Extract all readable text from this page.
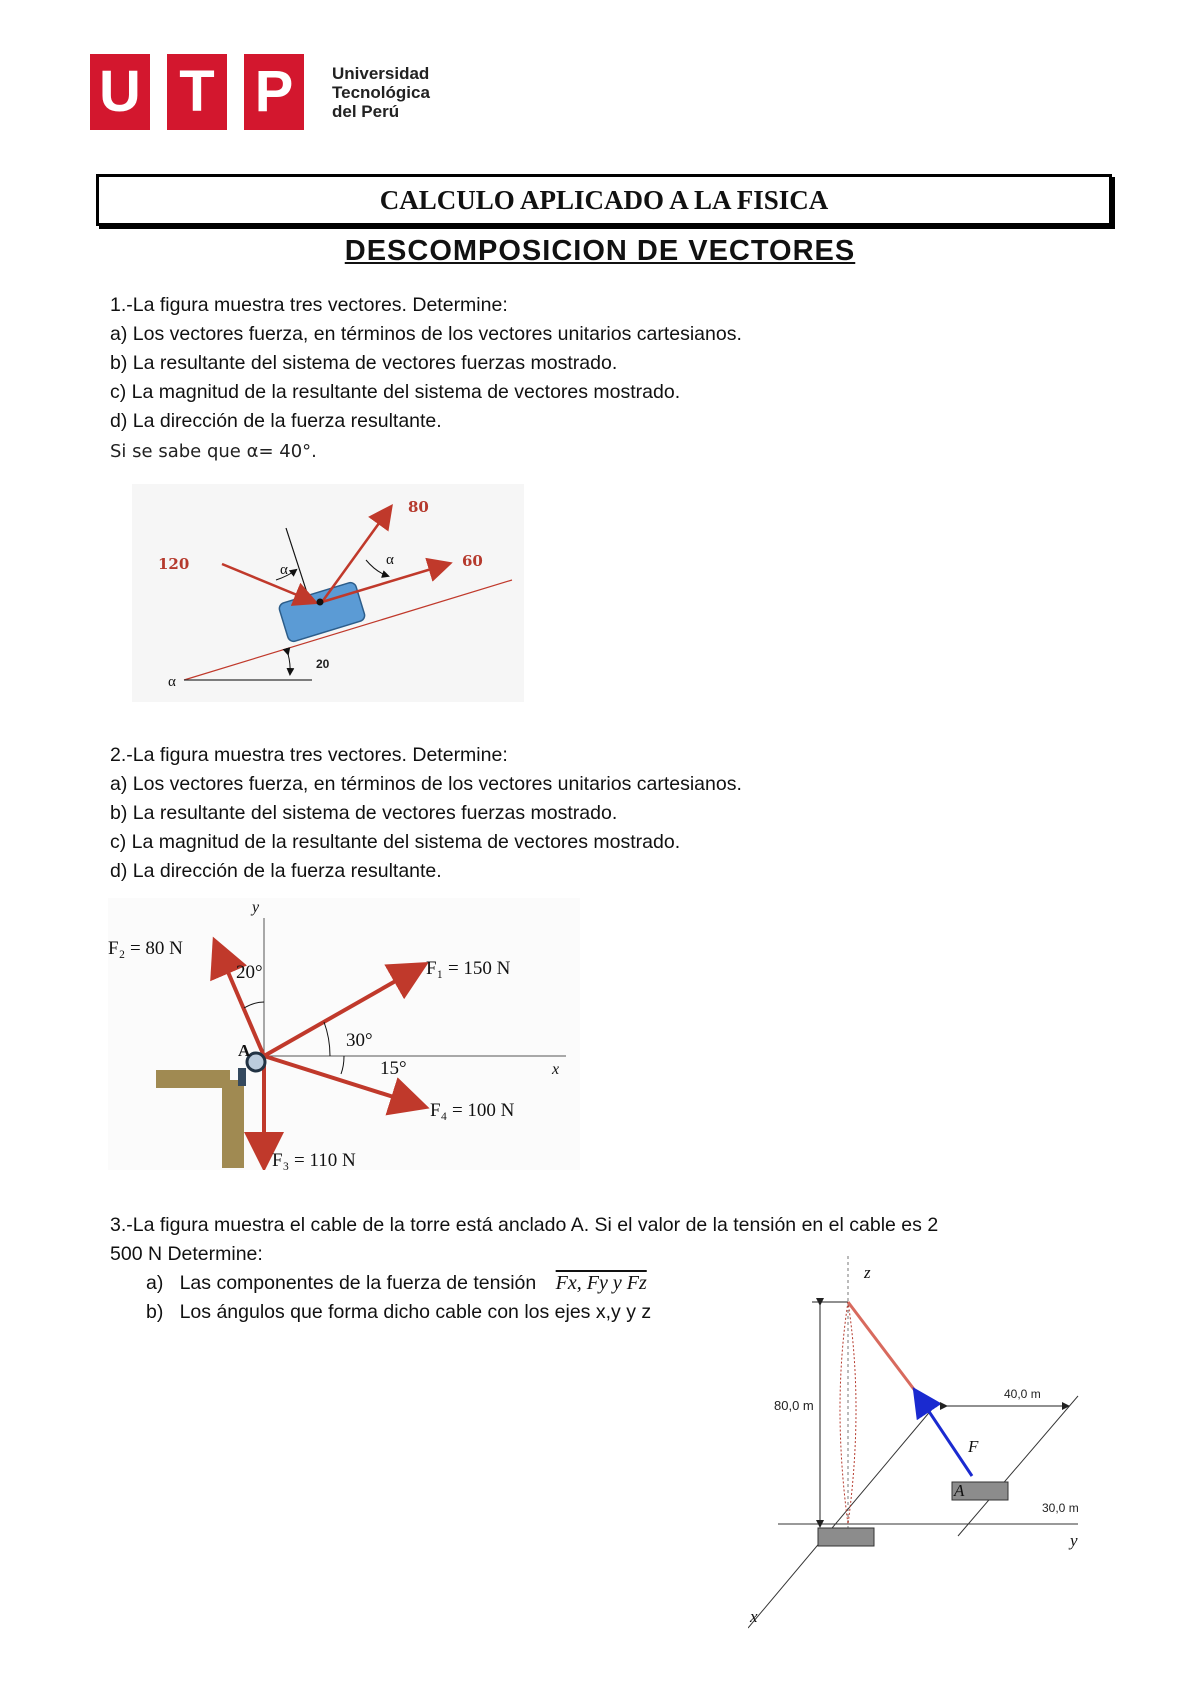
U T P	Universidad
Tecnológica
del Perú
CALCULO APLICADO A LA FISICA
DESCOMPOSICION DE VECTORES
1.-La figura muestra tres vectores. Determine:
a) Los vectores fuerza, en términos de los vectores unitarios cartesianos.
b) La resultante del sistema de vectores fuerzas mostrado.
c) La magnitud de la resultante del sistema de vectores mostrado.
d) La dirección de la fuerza resultante.
Si se sabe que α= 40°.
120
80
60
α
α
α
20
2.-La figura muestra tres vectores. Determine:
a) Los vectores fuerza, en términos de los vectores unitarios cartesianos.
b) La resultante del sistema de vectores fuerzas mostrado.
c) La magnitud de la resultante del sistema de vectores mostrado.
d) La dirección de la fuerza resultante.
F₂ = 80 N
F₁ = 150 N
F₃ = 110 N
F₄ = 100 N
20°
30°
15°	x
y
A
3.-La figura muestra el cable de la torre está anclado A. Si el valor de la tensión en el cable es 2
500 N Determine:
a)   Las componentes de la fuerza de tensión Fx, Fy y Fz
b)   Los ángulos que forma dicho cable con los ejes x,y y z
80,0 m
40,0 m
30,0 m
A
F
z
y
x
